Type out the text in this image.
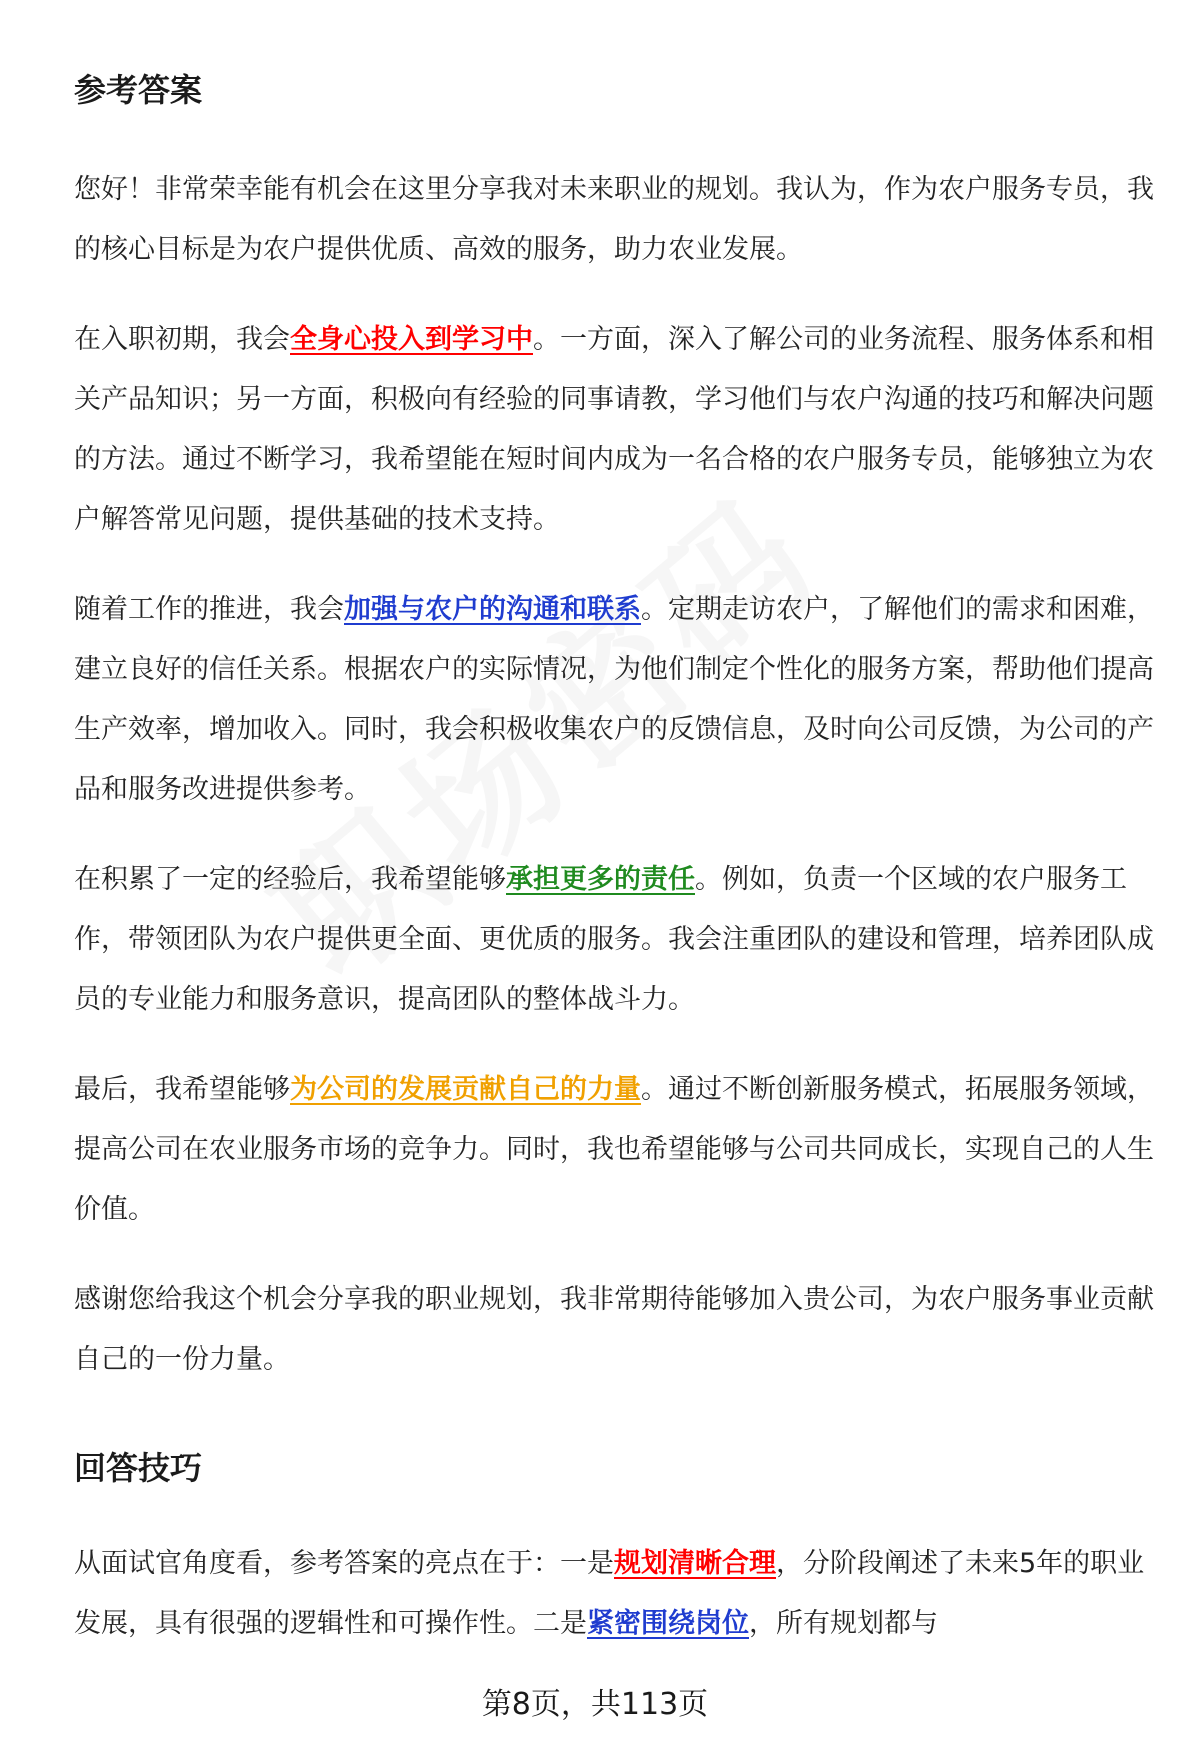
参考答案

您好！非常荣幸能有机会在这里分享我对未来职业的规划。我认为，作为农户服务专员，我的核心目标是为农户提供优质、高效的服务，助力农业发展。

在入职初期，我会全身心投入到学习中。一方面，深入了解公司的业务流程、服务体系和相关产品知识；另一方面，积极向有经验的同事请教，学习他们与农户沟通的技巧和解决问题的方法。通过不断学习，我希望能在短时间内成为一名合格的农户服务专员，能够独立为农户解答常见问题，提供基础的技术支持。

随着工作的推进，我会加强与农户的沟通和联系。定期走访农户，了解他们的需求和困难，建立良好的信任关系。根据农户的实际情况，为他们制定个性化的服务方案，帮助他们提高生产效率，增加收入。同时，我会积极收集农户的反馈信息，及时向公司反馈，为公司的产品和服务改进提供参考。

在积累了一定的经验后，我希望能够承担更多的责任。例如，负责一个区域的农户服务工作，带领团队为农户提供更全面、更优质的服务。我会注重团队的建设和管理，培养团队成员的专业能力和服务意识，提高团队的整体战斗力。

最后，我希望能够为公司的发展贡献自己的力量。通过不断创新服务模式，拓展服务领域，提高公司在农业服务市场的竞争力。同时，我也希望能够与公司共同成长，实现自己的人生价值。

感谢您给我这个机会分享我的职业规划，我非常期待能够加入贵公司，为农户服务事业贡献自己的一份力量。

回答技巧

从面试官角度看，参考答案的亮点在于：一是规划清晰合理，分阶段阐述了未来5年的职业发展，具有很强的逻辑性和可操作性。二是紧密围绕岗位，所有规划都与

第8页，共113页
